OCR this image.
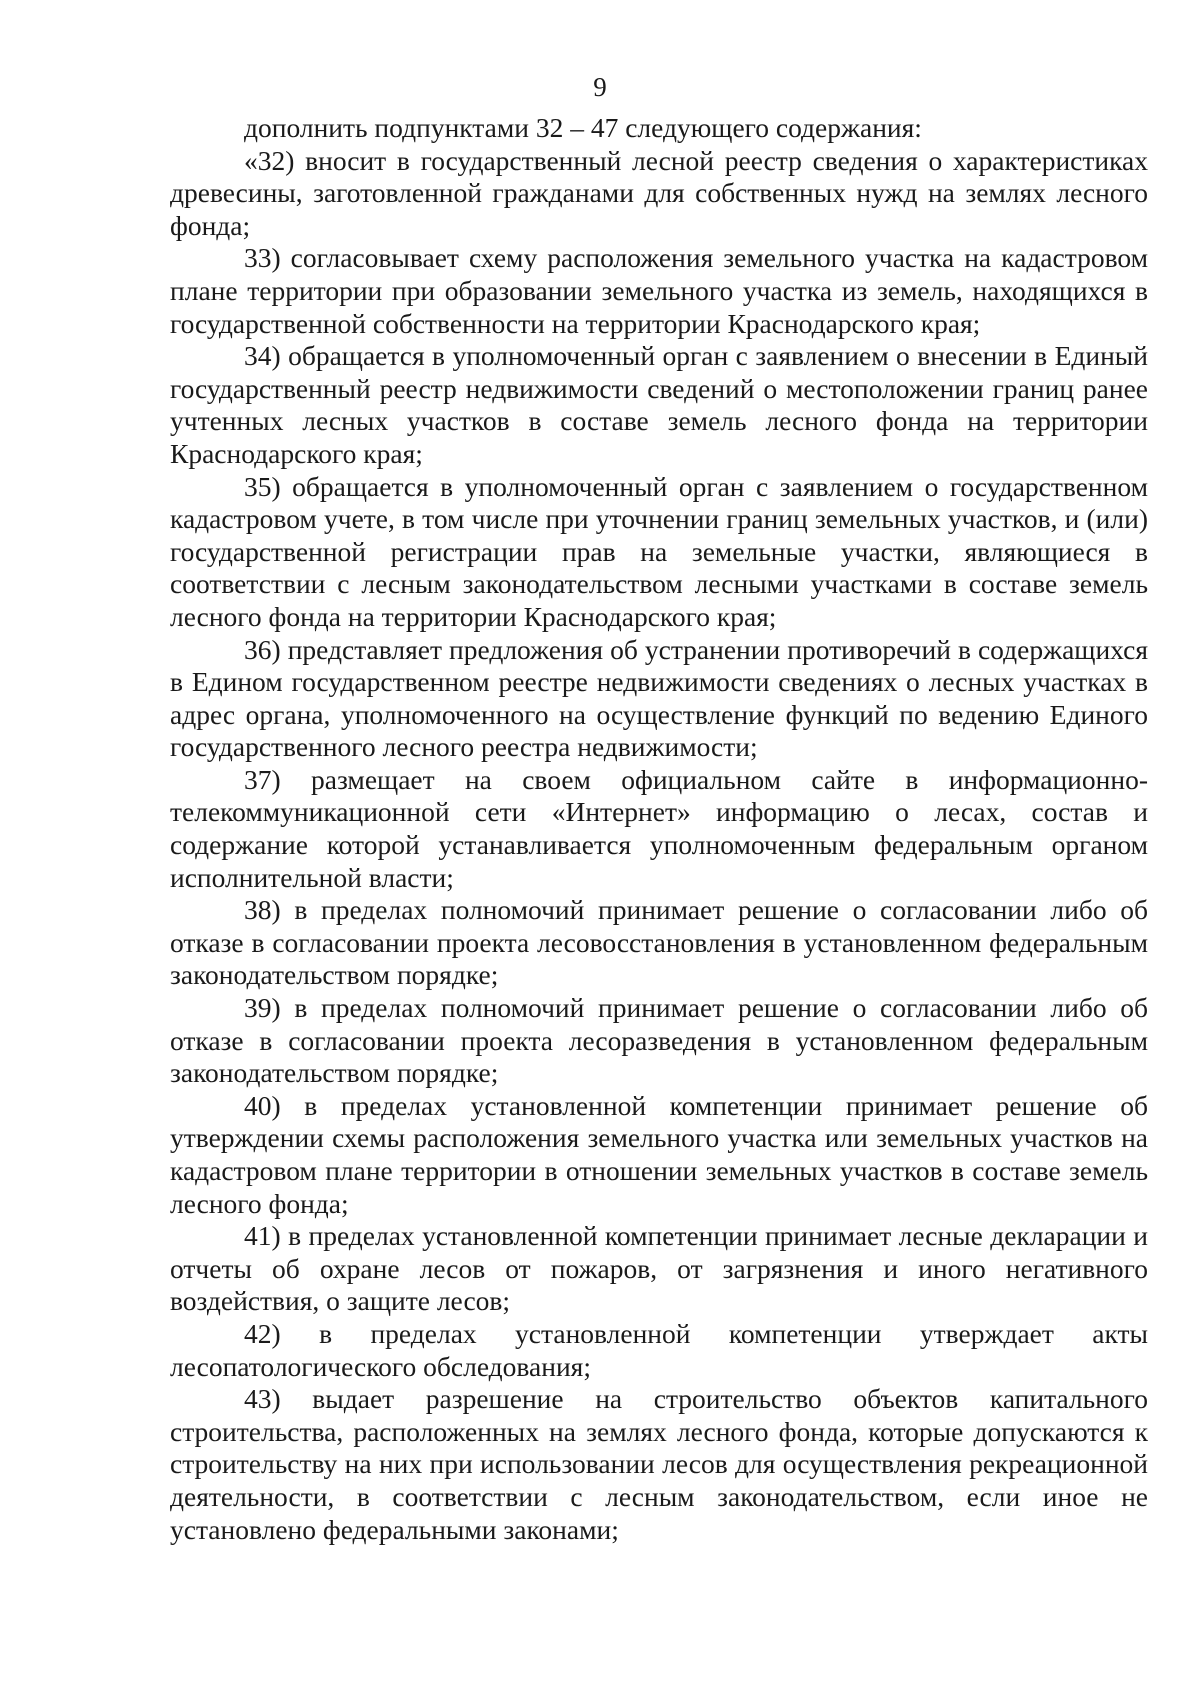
9

дополнить подпунктами 32 – 47 следующего содержания:

«32) вносит в государственный лесной реестр сведения о характеристиках древесины, заготовленной гражданами для собственных нужд на землях лесного фонда;

33) согласовывает схему расположения земельного участка на кадастровом плане территории при образовании земельного участка из земель, находящихся в государственной собственности на территории Краснодарского края;

34) обращается в уполномоченный орган с заявлением о внесении в Единый государственный реестр недвижимости сведений о местоположении границ ранее учтенных лесных участков в составе земель лесного фонда на территории Краснодарского края;

35) обращается в уполномоченный орган с заявлением о государственном кадастровом учете, в том числе при уточнении границ земельных участков, и (или) государственной регистрации прав на земельные участки, являющиеся в соответствии с лесным законодательством лесными участками в составе земель лесного фонда на территории Краснодарского края;

36) представляет предложения об устранении противоречий в содержащихся в Едином государственном реестре недвижимости сведениях о лесных участках в адрес органа, уполномоченного на осуществление функций по ведению Единого государственного лесного реестра недвижимости;

37) размещает на своем официальном сайте в информационно-телекоммуникационной сети «Интернет» информацию о лесах, состав и содержание которой устанавливается уполномоченным федеральным органом исполнительной власти;

38) в пределах полномочий принимает решение о согласовании либо об отказе в согласовании проекта лесовосстановления в установленном федеральным законодательством порядке;

39) в пределах полномочий принимает решение о согласовании либо об отказе в согласовании проекта лесоразведения в установленном федеральным законодательством порядке;

40) в пределах установленной компетенции принимает решение об утверждении схемы расположения земельного участка или земельных участков на кадастровом плане территории в отношении земельных участков в составе земель лесного фонда;

41) в пределах установленной компетенции принимает лесные декларации и отчеты об охране лесов от пожаров, от загрязнения и иного негативного воздействия, о защите лесов;

42) в пределах установленной компетенции утверждает акты лесопатологического обследования;

43) выдает разрешение на строительство объектов капитального строительства, расположенных на землях лесного фонда, которые допускаются к строительству на них при использовании лесов для осуществления рекреационной деятельности, в соответствии с лесным законодательством, если иное не установлено федеральными законами;
